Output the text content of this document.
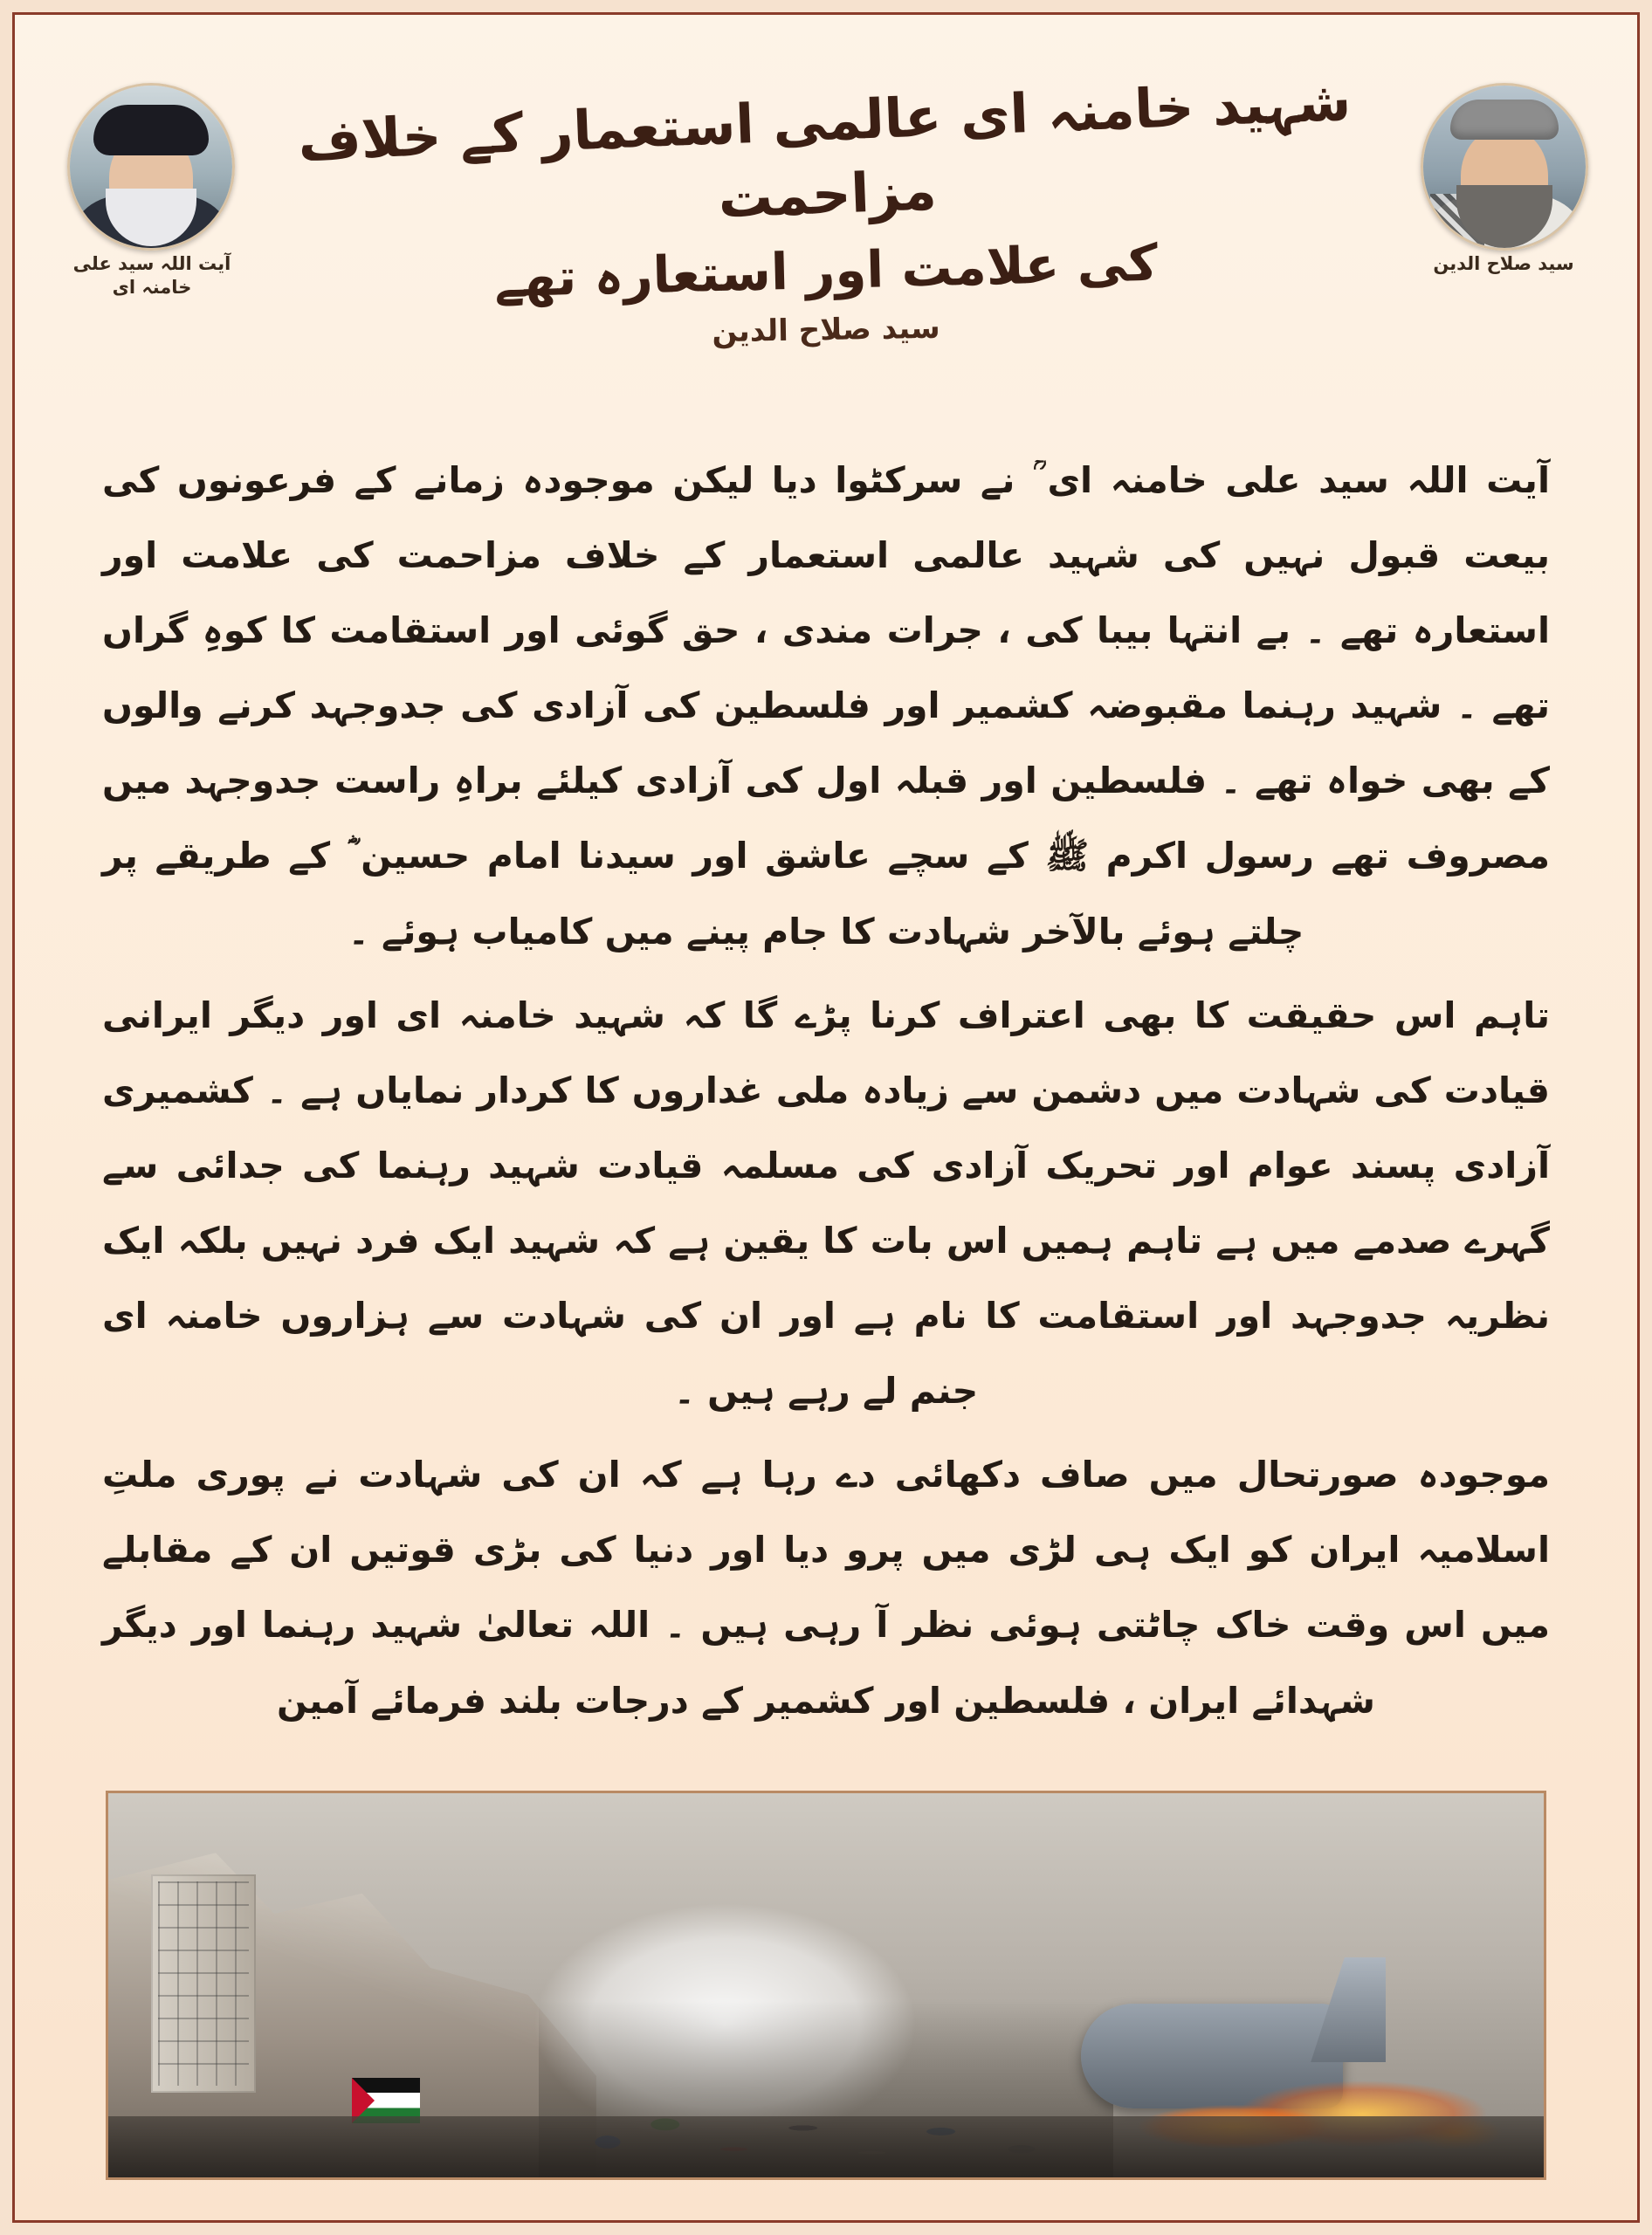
آیت اللہ سید علی خامنہ ای
سید صلاح الدین
شہید خامنہ ای عالمی استعمار کے خلاف مزاحمت
کی علامت اور استعارہ تھے
سید صلاح الدین

آیت اللہ سید علی خامنہ ای ؒ نے سرکٹوا دیا لیکن موجودہ زمانے کے فرعونوں کی بیعت قبول نہیں کی شہید عالمی استعمار کے خلاف مزاحمت کی علامت اور استعارہ تھے ۔ بے انتہا بیبا کی ، جرات مندی ، حق گوئی اور استقامت کا کوہِ گراں تھے ۔ شہید رہنما مقبوضہ کشمیر اور فلسطین کی آزادی کی جدوجہد کرنے والوں کے بھی خواہ تھے ۔ فلسطین اور قبلہ اول کی آزادی کیلئے براہِ راست جدوجہد میں مصروف تھے رسول اکرم ﷺ کے سچے عاشق اور سیدنا امام حسین ؓ کے طریقے پر چلتے ہوئے بالآخر شہادت کا جام پینے میں کامیاب ہوئے ۔

تاہم اس حقیقت کا بھی اعتراف کرنا پڑے گا کہ شہید خامنہ ای اور دیگر ایرانی قیادت کی شہادت میں دشمن سے زیادہ ملی غداروں کا کردار نمایاں ہے ۔ کشمیری آزادی پسند عوام اور تحریک آزادی کی مسلمہ قیادت شہید رہنما کی جدائی سے گہرے صدمے میں ہے تاہم ہمیں اس بات کا یقین ہے کہ شہید ایک فرد نہیں بلکہ ایک نظریہ جدوجہد اور استقامت کا نام ہے اور ان کی شہادت سے ہزاروں خامنہ ای جنم لے رہے ہیں ۔

موجودہ صورتحال میں صاف دکھائی دے رہا ہے کہ ان کی شہادت نے پوری ملتِ اسلامیہ ایران کو ایک ہی لڑی میں پرو دیا اور دنیا کی بڑی قوتیں ان کے مقابلے میں اس وقت خاک چاٹتی ہوئی نظر آ رہی ہیں ۔ اللہ تعالیٰ شہید رہنما اور دیگر شہدائے ایران ، فلسطین اور کشمیر کے درجات بلند فرمائے آمین
